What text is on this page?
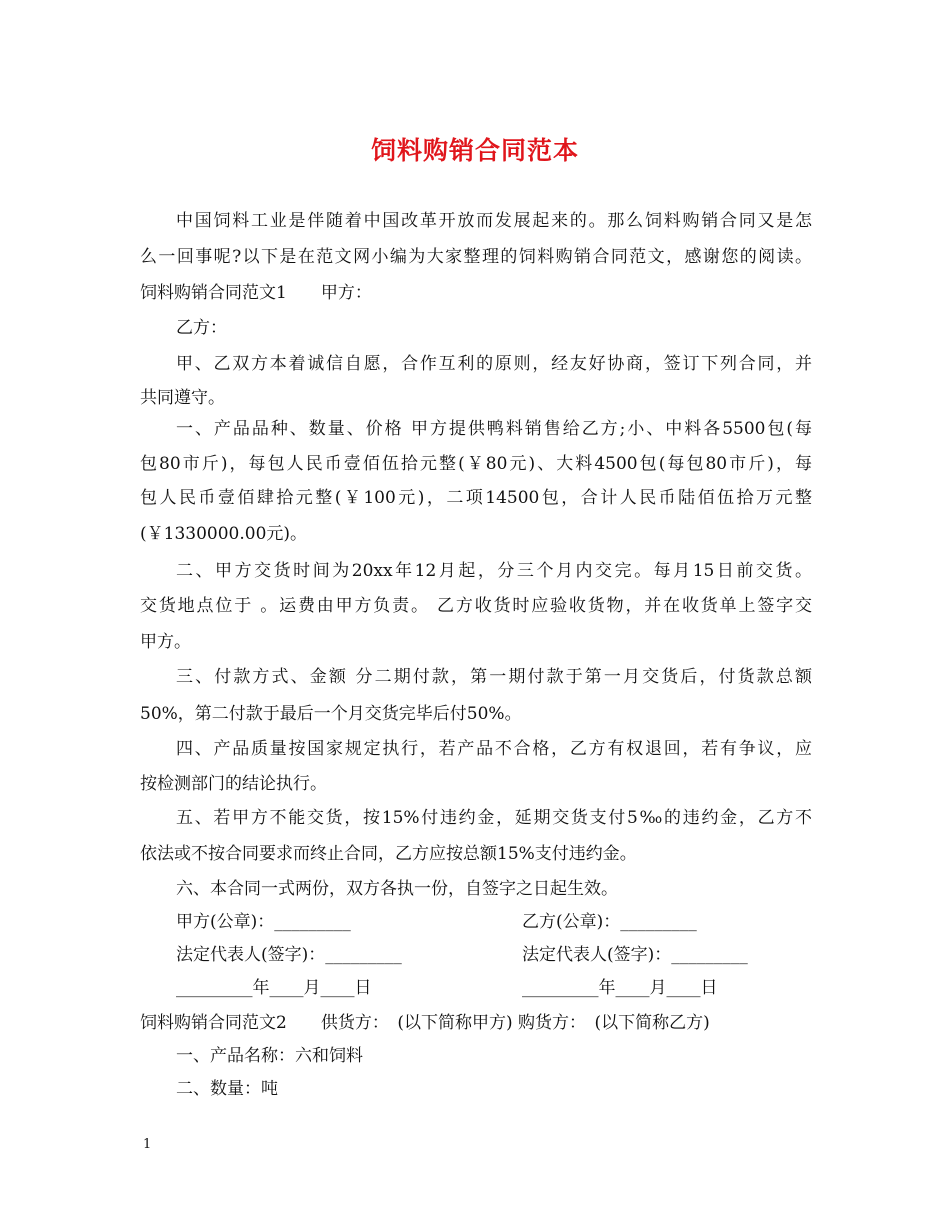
饲料购销合同范本
中国饲料工业是伴随着中国改革开放而发展起来的。那么饲料购销合同又是怎
么一回事呢?以下是在范文网小编为大家整理的饲料购销合同范文，感谢您的阅读。
饲料购销合同范文1　　甲方：
乙方：
甲、乙双方本着诚信自愿，合作互利的原则，经友好协商，签订下列合同，并
共同遵守。
一、产品品种、数量、价格 甲方提供鸭料销售给乙方;小、中料各5500包(每
包80市斤)，每包人民币壹佰伍拾元整(￥80元)、大料4500包(每包80市斤)，每
包人民币壹佰肆拾元整(￥100元)，二项14500包，合计人民币陆佰伍拾万元整
(￥1330000.00元)。
二、甲方交货时间为20xx年12月起，分三个月内交完。每月15日前交货。
交货地点位于 。运费由甲方负责。 乙方收货时应验收货物，并在收货单上签字交
甲方。
三、付款方式、金额 分二期付款，第一期付款于第一月交货后，付货款总额
50%，第二付款于最后一个月交货完毕后付50%。
四、产品质量按国家规定执行，若产品不合格，乙方有权退回，若有争议，应
按检测部门的结论执行。
五、若甲方不能交货，按15%付违约金，延期交货支付5‰的违约金，乙方不
依法或不按合同要求而终止合同，乙方应按总额15%支付违约金。
六、本合同一式两份，双方各执一份，自签字之日起生效。
甲方(公章)：_________	乙方(公章)：_________
法定代表人(签字)：_________	法定代表人(签字)：_________
_________年____月____日	_________年____月____日
饲料购销合同范文2　　供货方：　(以下简称甲方) 购货方：　(以下简称乙方)
一、产品名称：六和饲料
二、数量：吨
1
